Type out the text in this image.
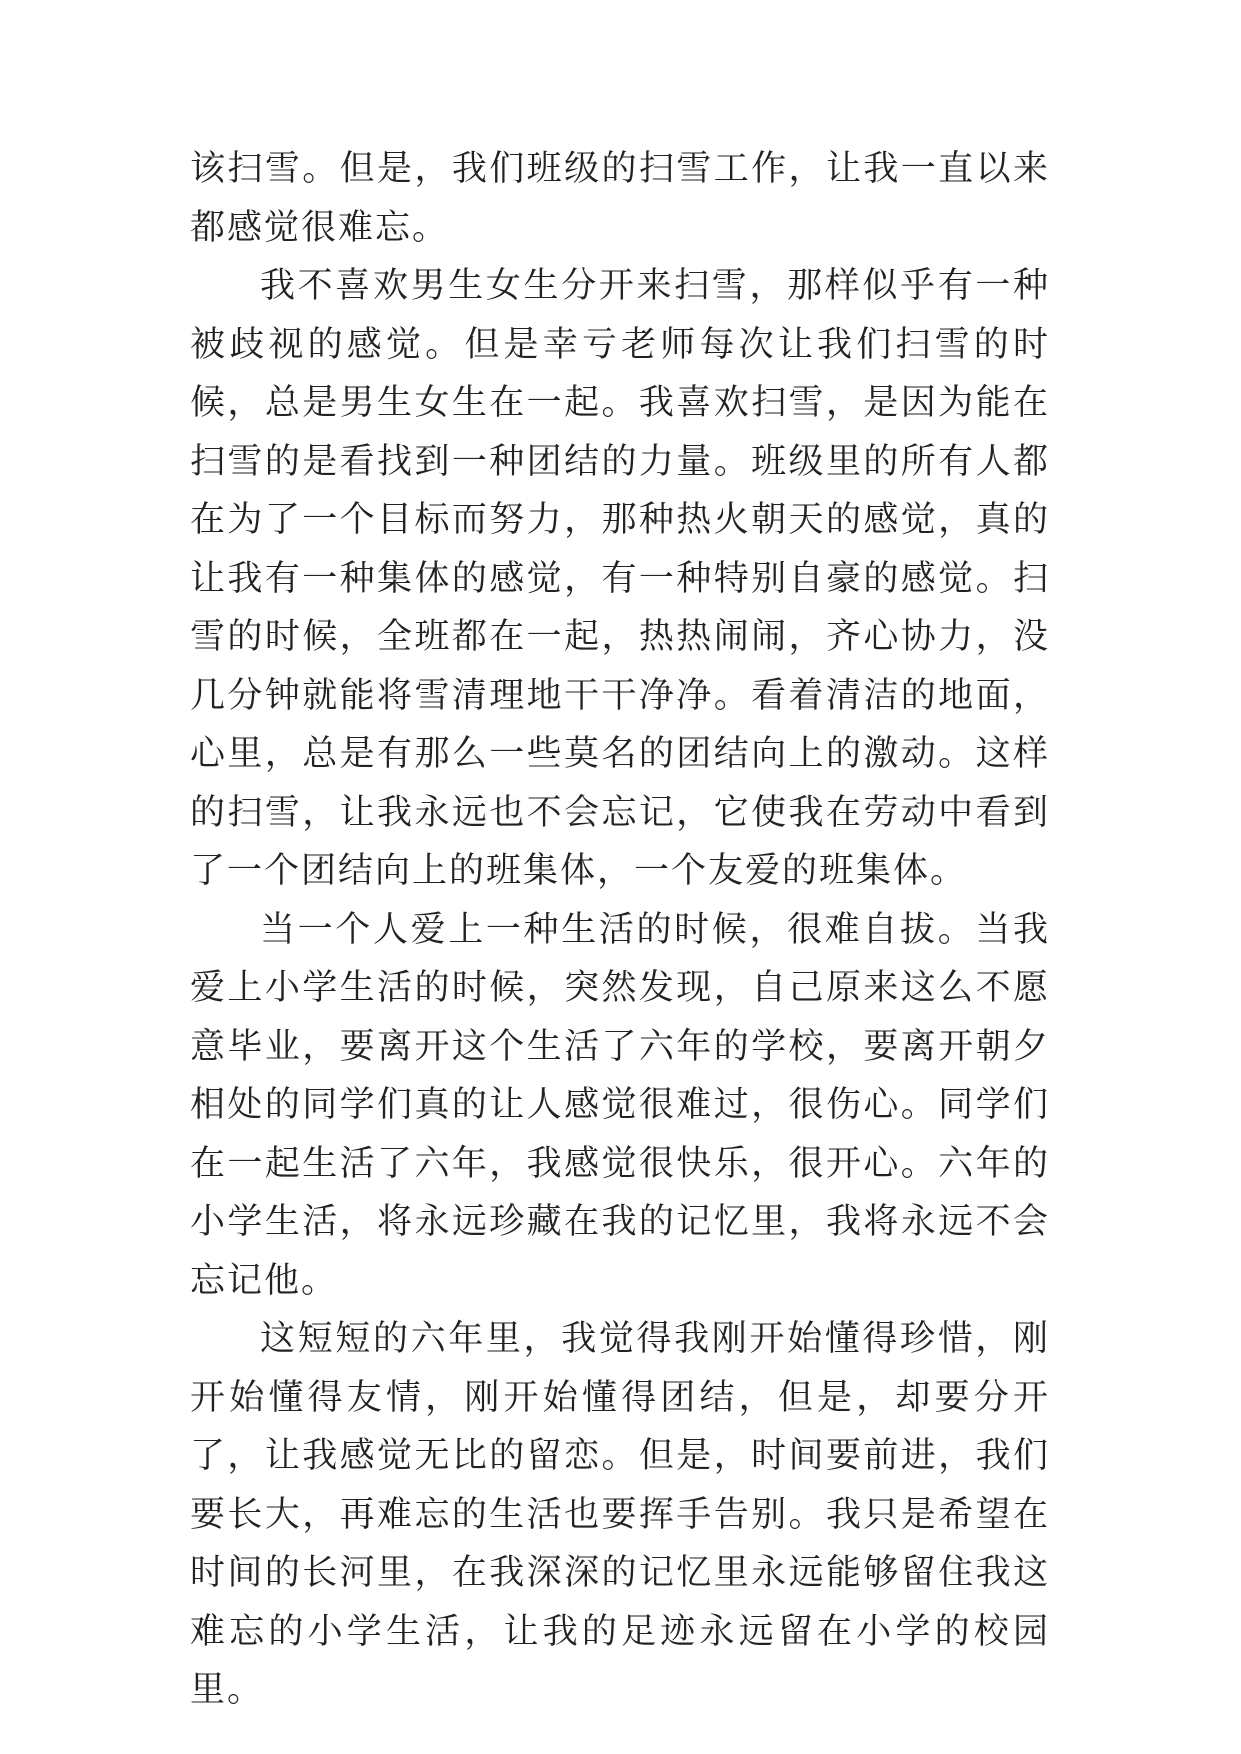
该扫雪。但是，我们班级的扫雪工作，让我一直以来都感觉很难忘。

我不喜欢男生女生分开来扫雪，那样似乎有一种被歧视的感觉。但是幸亏老师每次让我们扫雪的时候，总是男生女生在一起。我喜欢扫雪，是因为能在扫雪的是看找到一种团结的力量。班级里的所有人都在为了一个目标而努力，那种热火朝天的感觉，真的让我有一种集体的感觉，有一种特别自豪的感觉。扫雪的时候，全班都在一起，热热闹闹，齐心协力，没几分钟就能将雪清理地干干净净。看着清洁的地面，心里，总是有那么一些莫名的团结向上的激动。这样的扫雪，让我永远也不会忘记，它使我在劳动中看到了一个团结向上的班集体，一个友爱的班集体。

当一个人爱上一种生活的时候，很难自拔。当我爱上小学生活的时候，突然发现，自己原来这么不愿意毕业，要离开这个生活了六年的学校，要离开朝夕相处的同学们真的让人感觉很难过，很伤心。同学们在一起生活了六年，我感觉很快乐，很开心。六年的小学生活，将永远珍藏在我的记忆里，我将永远不会忘记他。

这短短的六年里，我觉得我刚开始懂得珍惜，刚开始懂得友情，刚开始懂得团结，但是，却要分开了，让我感觉无比的留恋。但是，时间要前进，我们要长大，再难忘的生活也要挥手告别。我只是希望在时间的长河里，在我深深的记忆里永远能够留住我这难忘的小学生活，让我的足迹永远留在小学的校园里。
